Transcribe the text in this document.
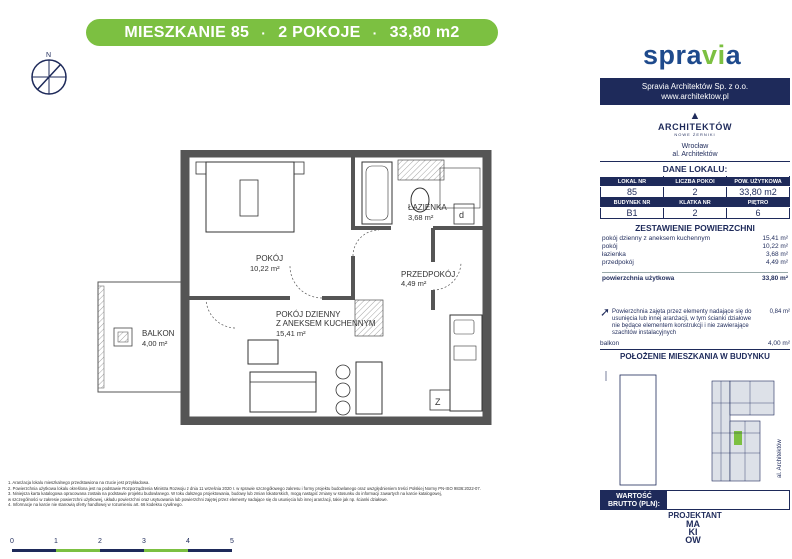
MIESZKANIE 85 · 2 POKOJE · 33,80 m2
N	spravia
Spravia Architektów Sp. z o.o.
www.architektow.pl
▲
ARCHITEKTÓW
NOWE ŻERNIKI
Wrocław
al. Architektów
DANE LOKALU:
LOKAL NR	LICZBA POKOI	POW. UŻYTKOWA
85	2	33,80 m2
BUDYNEK NR	KLATKA NR	PIĘTRO
B1	2	6
ZESTAWIENIE POWIERZCHNI
pokój dzienny z aneksem kuchennym	15,41 m²
pokój	10,22 m²
łazienka	3,68 m²
przedpokój	4,49 m²
powierzchnia użytkowa	33,80 m²
➚ Powierzchnia zajęta przez elementy nadające się do usunięcia lub innej aranżacji, w tym ścianki działowe nie będące elementem konstrukcji i nie zawierające szachtów instalacyjnych
0,84 m²
balkon	4,00 m²
POŁOŻENIE MIESZKANIA W BUDYNKU
al. Architektów
WARTOŚĆ BRUTTO (PLN):
PROJEKTANT
MA
KI
OW
d
Z
ŁAZIENKA
3,68 m²
POKÓJ
10,22 m²
PRZEDPOKÓJ
4,49 m²
POKÓJ DZIENNY
Z ANEKSEM KUCHENNYM
15,41 m²
BALKON
4,00 m²
1. Aranżacja lokalu mieszkalnego przedstawiona na rzucie jest przykładowa.
2. Powierzchnia użytkowa lokalu określona jest na podstawie Rozporządzenia Ministra Rozwoju z dnia 11 września 2020 r. w sprawie szczegółowego zakresu i formy projektu budowlanego oraz uwzględnieniem treści Polskiej Normy PN-ISO 9836:2022-07.
3. Niniejsza karta katalogowa opracowana została na podstawie projektu budowlanego. W toku dalszego projektowania, budowy lub zmian lokatorskich, mogą nastąpić zmiany w stosunku do informacji zawartych na karcie katalogowej,
w szczególności w zakresie powierzchni użytkowej, układu powierzchni oraz usytuowania lub powierzchni zajętej przez elementy nadające się do usunięcia lub innej aranżacji, takie jak np. ścianki działowe.
4. Informacje na karcie nie stanowią oferty handlowej w rozumieniu art. 66 kodeksu cywilnego.
0	1	2	3	4	5
